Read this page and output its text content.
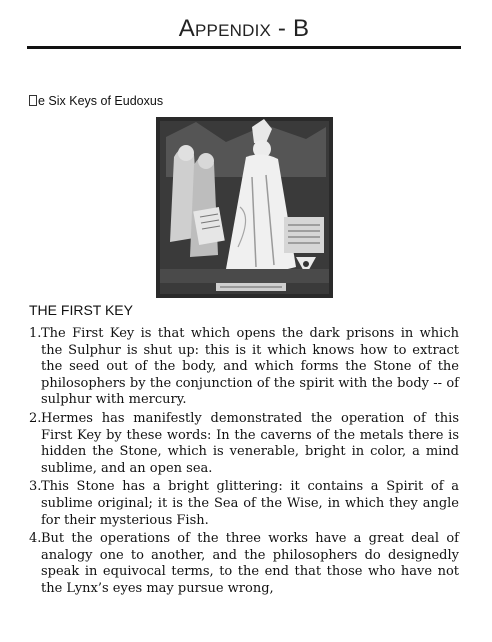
APPENDIX - B
e Six Keys of Eudoxus
THE FIRST KEY
1. The First Key is that which opens the dark prisons in which the Sulphur is shut up: this is it which knows how to extract the seed out of the body, and which forms the Stone of the philosophers by the conjunction of the spirit with the body -- of sulphur with mercury.
2. Hermes has manifestly demonstrated the operation of this First Key by these words: In the caverns of the metals there is hidden the Stone, which is venerable, bright in color, a mind sublime, and an open sea.
3. This Stone has a bright glittering: it contains a Spirit of a sublime original; it is the Sea of the Wise, in which they angle for their mysterious Fish.
4. But the operations of the three works have a great deal of analogy one to another, and the philosophers do designedly speak in equivocal terms, to the end that those who have not the Lynx’s eyes may pursue wrong,
